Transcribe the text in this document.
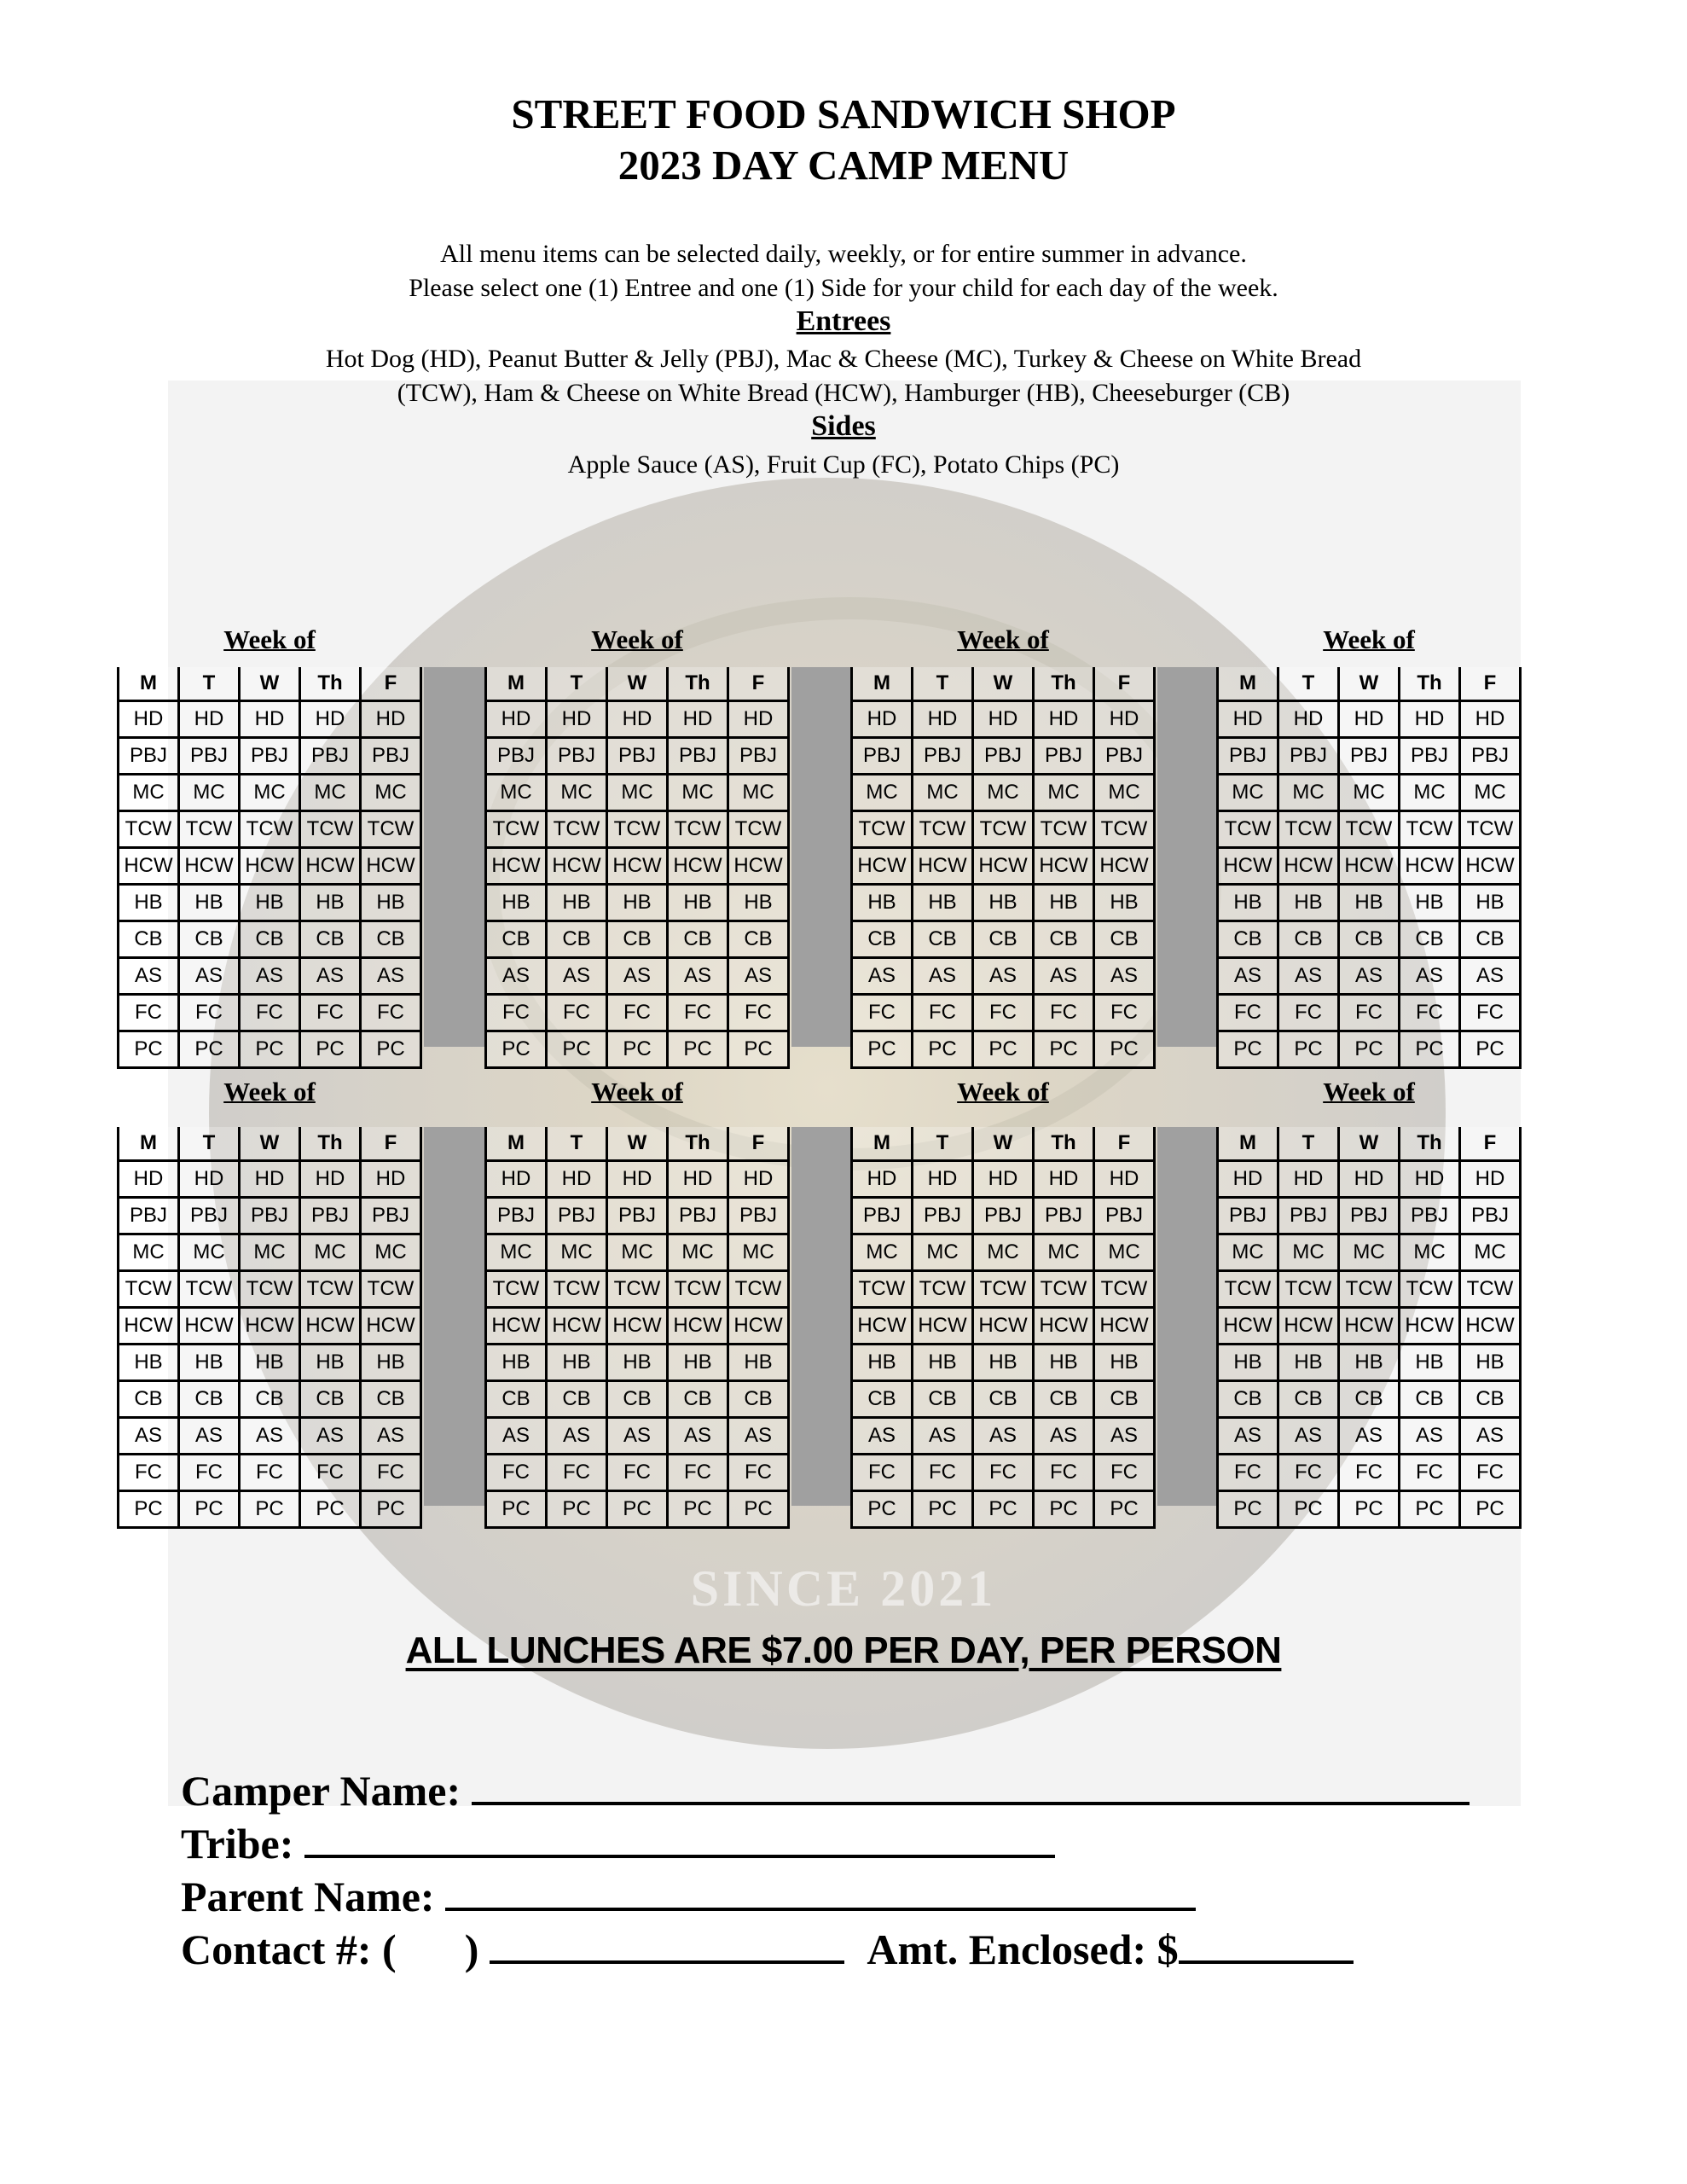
SINCE 2021
STREET FOOD SANDWICH SHOP
2023 DAY CAMP MENU
All menu items can be selected daily, weekly, or for entire summer in advance.
Please select one (1) Entree and one (1) Side for your child for each day of the week.
Entrees
Hot Dog (HD), Peanut Butter & Jelly (PBJ), Mac & Cheese (MC), Turkey & Cheese on White Bread
(TCW), Ham & Cheese on White Bread (HCW), Hamburger (HB), Cheeseburger (CB)
Sides
Apple Sauce (AS), Fruit Cup (FC), Potato Chips (PC)
Week of
M	T	W	Th	F
HD	HD	HD	HD	HD
PBJ	PBJ	PBJ	PBJ	PBJ
MC	MC	MC	MC	MC
TCW	TCW	TCW	TCW	TCW
HCW	HCW	HCW	HCW	HCW
HB	HB	HB	HB	HB
CB	CB	CB	CB	CB
AS	AS	AS	AS	AS
FC	FC	FC	FC	FC
PC	PC	PC	PC	PC
Week of
M	T	W	Th	F
HD	HD	HD	HD	HD
PBJ	PBJ	PBJ	PBJ	PBJ
MC	MC	MC	MC	MC
TCW	TCW	TCW	TCW	TCW
HCW	HCW	HCW	HCW	HCW
HB	HB	HB	HB	HB
CB	CB	CB	CB	CB
AS	AS	AS	AS	AS
FC	FC	FC	FC	FC
PC	PC	PC	PC	PC
Week of
M	T	W	Th	F
HD	HD	HD	HD	HD
PBJ	PBJ	PBJ	PBJ	PBJ
MC	MC	MC	MC	MC
TCW	TCW	TCW	TCW	TCW
HCW	HCW	HCW	HCW	HCW
HB	HB	HB	HB	HB
CB	CB	CB	CB	CB
AS	AS	AS	AS	AS
FC	FC	FC	FC	FC
PC	PC	PC	PC	PC
Week of
M	T	W	Th	F
HD	HD	HD	HD	HD
PBJ	PBJ	PBJ	PBJ	PBJ
MC	MC	MC	MC	MC
TCW	TCW	TCW	TCW	TCW
HCW	HCW	HCW	HCW	HCW
HB	HB	HB	HB	HB
CB	CB	CB	CB	CB
AS	AS	AS	AS	AS
FC	FC	FC	FC	FC
PC	PC	PC	PC	PC
Week of
M	T	W	Th	F
HD	HD	HD	HD	HD
PBJ	PBJ	PBJ	PBJ	PBJ
MC	MC	MC	MC	MC
TCW	TCW	TCW	TCW	TCW
HCW	HCW	HCW	HCW	HCW
HB	HB	HB	HB	HB
CB	CB	CB	CB	CB
AS	AS	AS	AS	AS
FC	FC	FC	FC	FC
PC	PC	PC	PC	PC
Week of
M	T	W	Th	F
HD	HD	HD	HD	HD
PBJ	PBJ	PBJ	PBJ	PBJ
MC	MC	MC	MC	MC
TCW	TCW	TCW	TCW	TCW
HCW	HCW	HCW	HCW	HCW
HB	HB	HB	HB	HB
CB	CB	CB	CB	CB
AS	AS	AS	AS	AS
FC	FC	FC	FC	FC
PC	PC	PC	PC	PC
Week of
M	T	W	Th	F
HD	HD	HD	HD	HD
PBJ	PBJ	PBJ	PBJ	PBJ
MC	MC	MC	MC	MC
TCW	TCW	TCW	TCW	TCW
HCW	HCW	HCW	HCW	HCW
HB	HB	HB	HB	HB
CB	CB	CB	CB	CB
AS	AS	AS	AS	AS
FC	FC	FC	FC	FC
PC	PC	PC	PC	PC
Week of
M	T	W	Th	F
HD	HD	HD	HD	HD
PBJ	PBJ	PBJ	PBJ	PBJ
MC	MC	MC	MC	MC
TCW	TCW	TCW	TCW	TCW
HCW	HCW	HCW	HCW	HCW
HB	HB	HB	HB	HB
CB	CB	CB	CB	CB
AS	AS	AS	AS	AS
FC	FC	FC	FC	FC
PC	PC	PC	PC	PC
ALL LUNCHES ARE $7.00 PER DAY, PER PERSON
Camper Name:
Tribe:
Parent Name:
Contact #: ( )	Amt. Enclosed: $
